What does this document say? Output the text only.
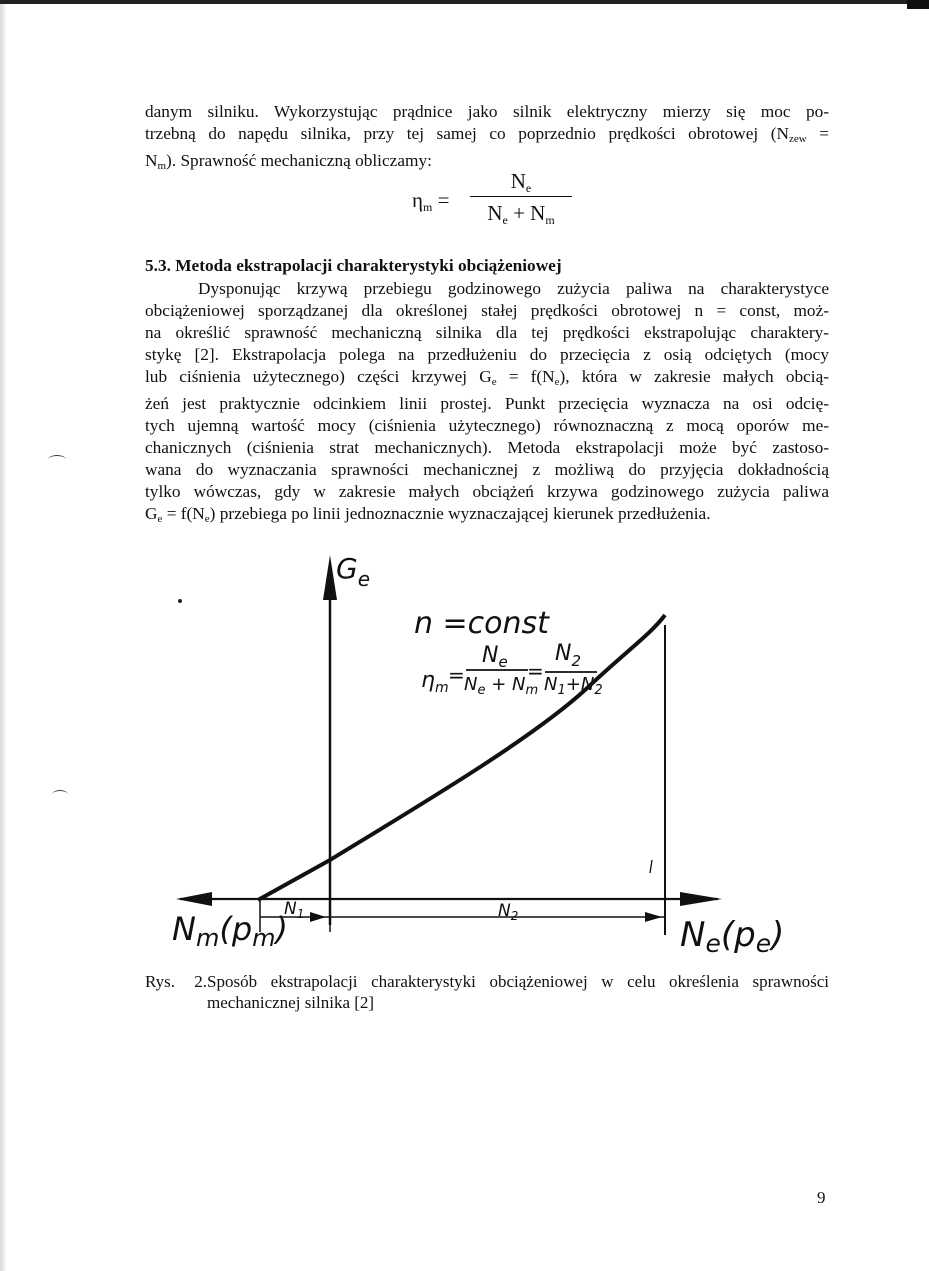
danym silniku. Wykorzystując prądnice jako silnik elektryczny mierzy się moc po-
trzebną do napędu silnika, przy tej samej co poprzednio prędkości obrotowej ($N_{zew}$ =
$N_m$). Sprawność mechaniczną obliczamy:
$\eta_m$ =
$N_e$
$N_e + N_m$
5.3. Metoda ekstrapolacji charakterystyki obciążeniowej
Dysponując krzywą przebiegu godzinowego zużycia paliwa na charakterystyce
obciążeniowej sporządzanej dla określonej stałej prędkości obrotowej n = const, moż-
na określić sprawność mechaniczną silnika dla tej prędkości ekstrapolując charaktery-
stykę [2]. Ekstrapolacja polega na przedłużeniu do przecięcia z osią odciętych (mocy
lub ciśnienia użytecznego) części krzywej $G_e = f(N_e)$, która w zakresie małych obcią-
żeń jest praktycznie odcinkiem linii prostej. Punkt przecięcia wyznacza na osi odcię-
tych ujemną wartość mocy (ciśnienia użytecznego) równoznaczną z mocą oporów me-
chanicznych (ciśnienia strat mechanicznych). Metoda ekstrapolacji może być zastoso-
wana do wyznaczania sprawności mechanicznej z możliwą do przyjęcia dokładnością
tylko wówczas, gdy w zakresie małych obciążeń krzywa godzinowego zużycia paliwa
$G_e = f(N_e)$ przebiega po linii jednoznacznie wyznaczającej kierunek przedłużenia.
$G_e$
n =const
$\eta_m$
=
$N_e$
$N_e + N_m$
=
$N_2$
$N_1+N_2$
$N_1$	$N_2$
Nm(pm)	Ne(pe)
Rys. 2.Sposób ekstrapolacji charakterystyki obciążeniowej w celu określenia sprawności
mechanicznej silnika [2]
9
